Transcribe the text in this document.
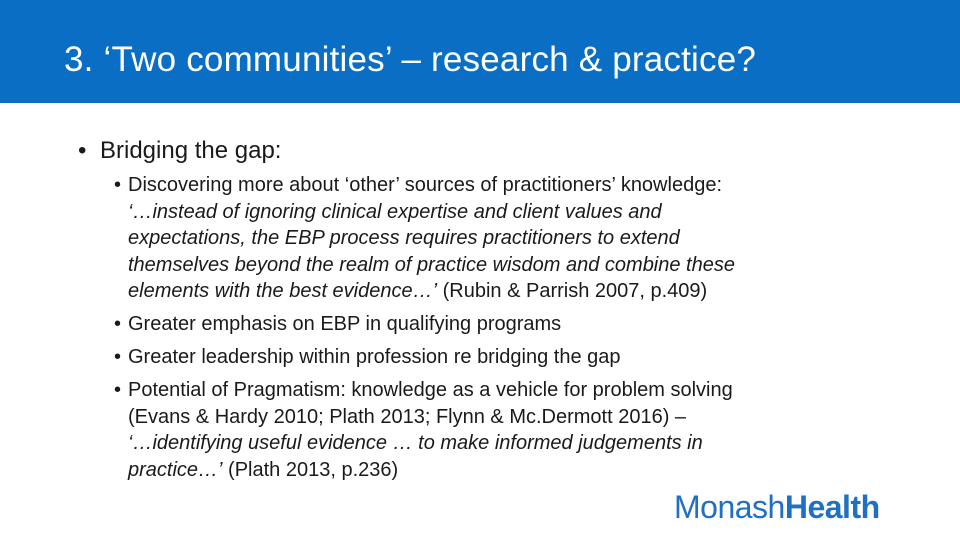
3. ‘Two communities’ – research & practice?
• Bridging the gap:
• Discovering more about ‘other’ sources of practitioners’ knowledge:
‘…instead of ignoring clinical expertise and client values and
expectations, the EBP process requires practitioners to extend
themselves beyond the realm of practice wisdom and combine these
elements with the best evidence…’ (Rubin & Parrish 2007, p.409)
• Greater emphasis on EBP in qualifying programs
• Greater leadership within profession re bridging the gap
• Potential of Pragmatism: knowledge as a vehicle for problem solving
(Evans & Hardy 2010; Plath 2013; Flynn & Mc.Dermott 2016) –
‘…identifying useful evidence … to make informed judgements in
practice…’ (Plath 2013, p.236)
MonashHealth
